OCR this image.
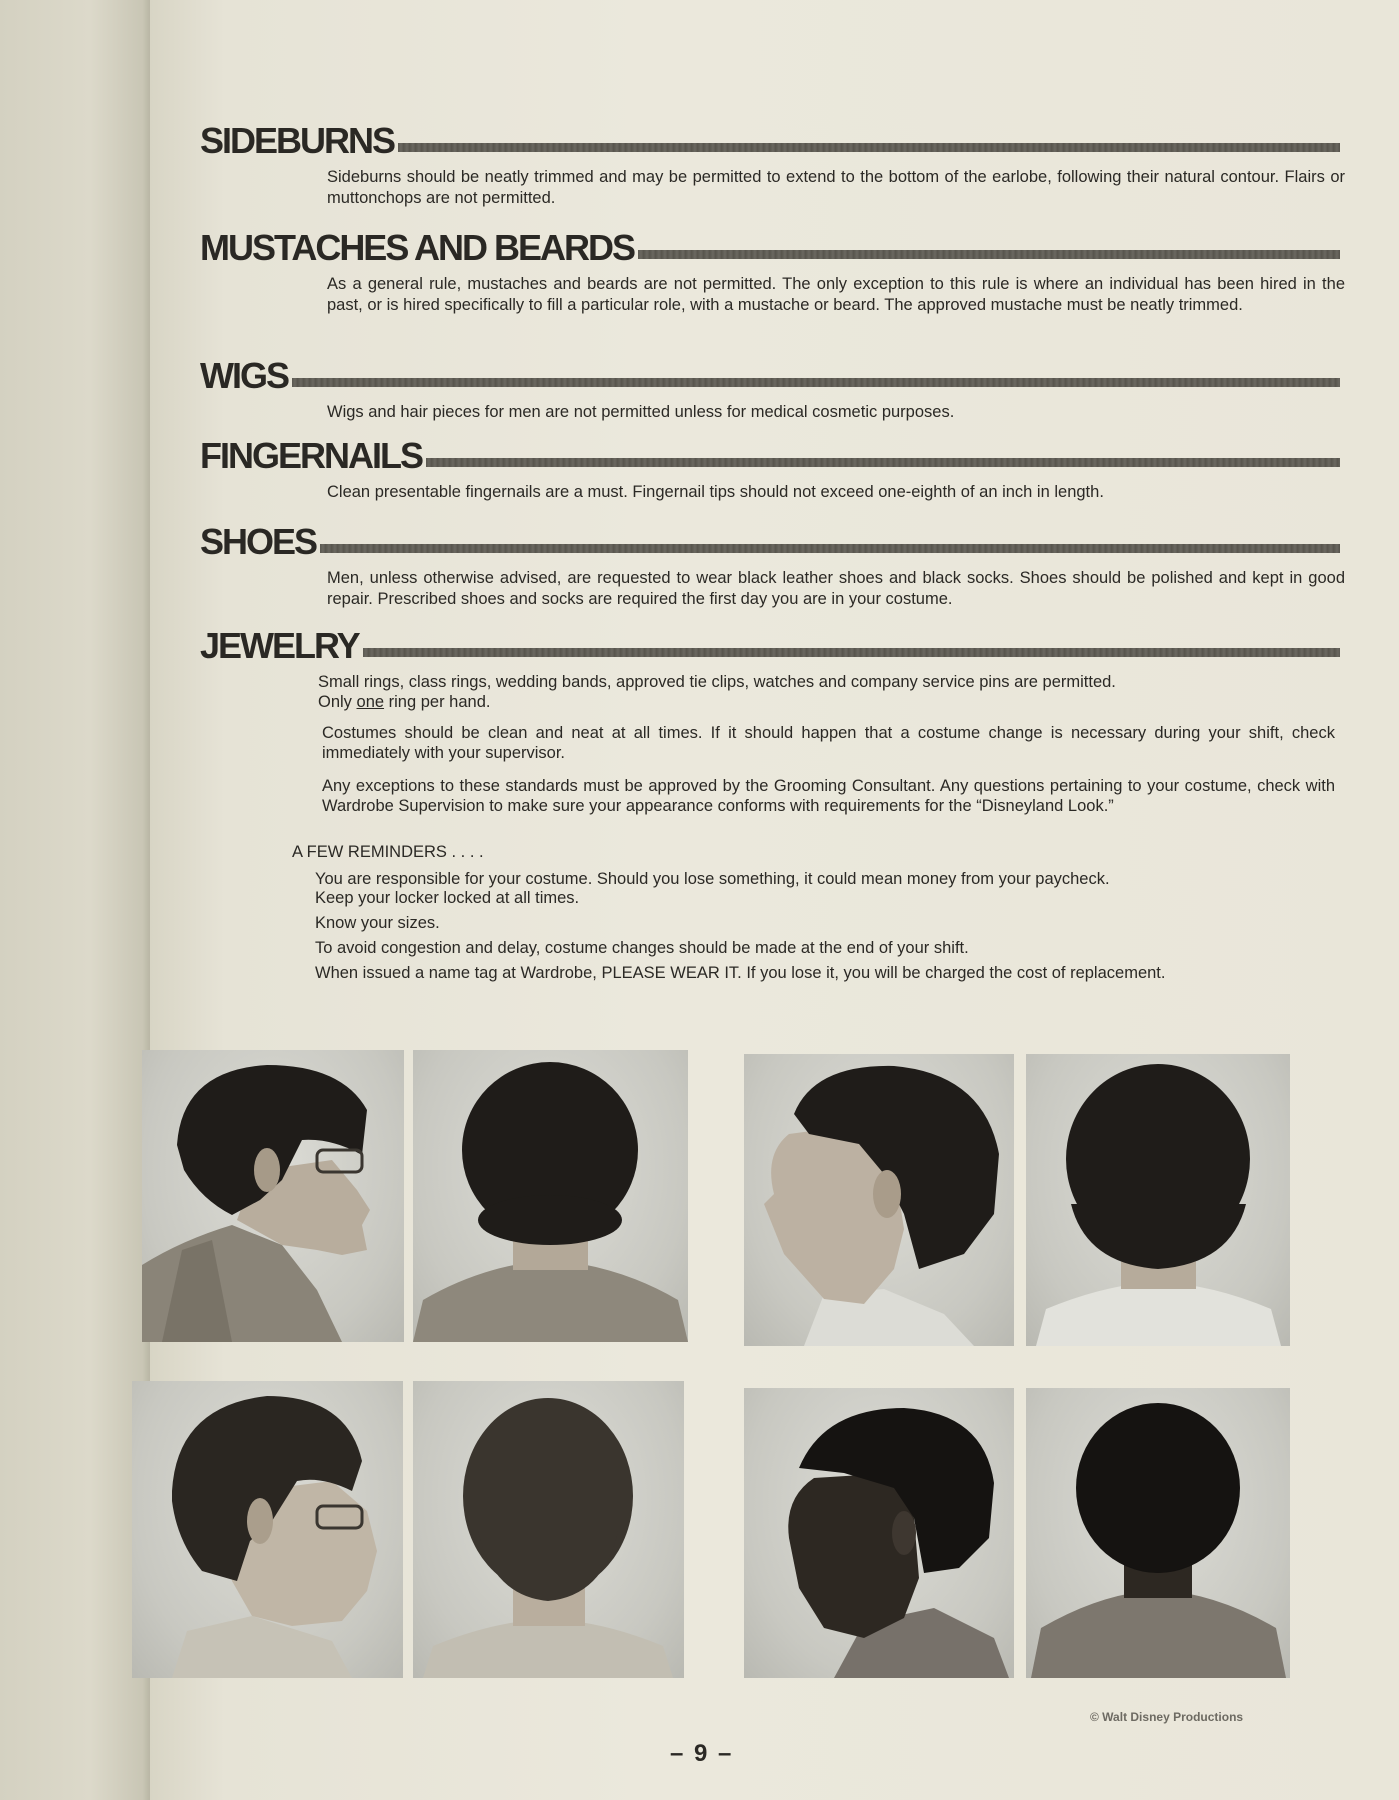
SIDEBURNS
Sideburns should be neatly trimmed and may be permitted to extend to the bottom of the earlobe, following their natural contour. Flairs or muttonchops are not permitted.
MUSTACHES AND BEARDS
As a general rule, mustaches and beards are not permitted. The only exception to this rule is where an individual has been hired in the past, or is hired specifically to fill a particular role, with a mustache or beard. The approved mustache must be neatly trimmed.
WIGS
Wigs and hair pieces for men are not permitted unless for medical cosmetic purposes.
FINGERNAILS
Clean presentable fingernails are a must. Fingernail tips should not exceed one-eighth of an inch in length.
SHOES
Men, unless otherwise advised, are requested to wear black leather shoes and black socks. Shoes should be polished and kept in good repair. Prescribed shoes and socks are required the first day you are in your costume.
JEWELRY
Small rings, class rings, wedding bands, approved tie clips, watches and company service pins are permitted.
Only one ring per hand.
Costumes should be clean and neat at all times. If it should happen that a costume change is necessary during your shift, check immediately with your supervisor.
Any exceptions to these standards must be approved by the Grooming Consultant. Any questions pertaining to your costume, check with Wardrobe Supervision to make sure your appearance conforms with requirements for the “Disneyland Look.”
A FEW REMINDERS . . . .
You are responsible for your costume. Should you lose something, it could mean money from your paycheck.
Keep your locker locked at all times.
Know your sizes.
To avoid congestion and delay, costume changes should be made at the end of your shift.
When issued a name tag at Wardrobe, PLEASE WEAR IT. If you lose it, you will be charged the cost of replacement.
© Walt Disney Productions
– 9 –
